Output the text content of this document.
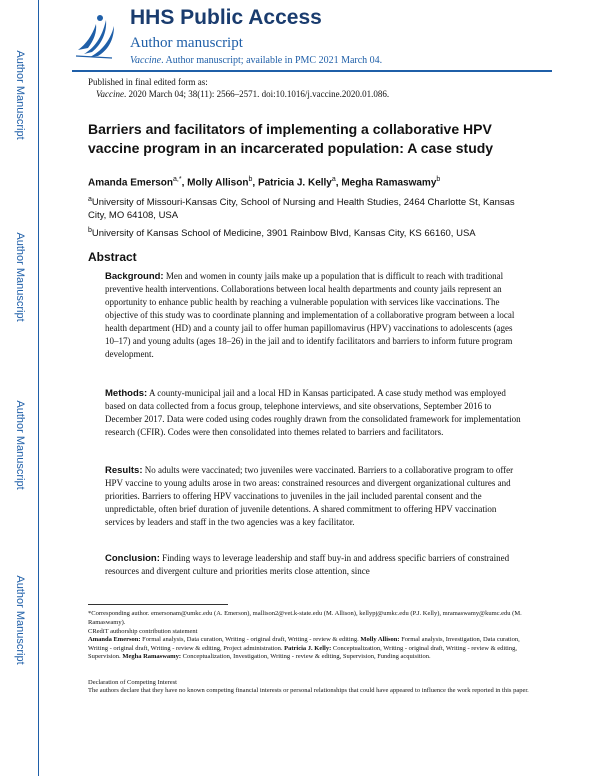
Author Manuscript
Author Manuscript
Author Manuscript
Author Manuscript
HHS Public Access
Author manuscript
Vaccine. Author manuscript; available in PMC 2021 March 04.
Published in final edited form as:
Vaccine. 2020 March 04; 38(11): 2566–2571. doi:10.1016/j.vaccine.2020.01.086.
Barriers and facilitators of implementing a collaborative HPV vaccine program in an incarcerated population: A case study
Amanda Emerson$^{a,*}$, Molly Allison$^b$, Patricia J. Kelly$^a$, Megha Ramaswamy$^b$
$^a$University of Missouri-Kansas City, School of Nursing and Health Studies, 2464 Charlotte St, Kansas City, MO 64108, USA
$^b$University of Kansas School of Medicine, 3901 Rainbow Blvd, Kansas City, KS 66160, USA
Abstract
Background: Men and women in county jails make up a population that is difficult to reach with traditional preventive health interventions. Collaborations between local health departments and county jails represent an opportunity to enhance public health by reaching a vulnerable population with services like vaccinations. The objective of this study was to coordinate planning and implementation of a collaborative program between a local health department (HD) and a county jail to offer human papillomavirus (HPV) vaccinations to adolescents (ages 10–17) and young adults (ages 18–26) in the jail and to identify facilitators and barriers to inform future program development.
Methods: A county-municipal jail and a local HD in Kansas participated. A case study method was employed based on data collected from a focus group, telephone interviews, and site observations, September 2016 to December 2017. Data were coded using codes roughly drawn from the consolidated framework for implementation research (CFIR). Codes were then consolidated into themes related to barriers and facilitators.
Results: No adults were vaccinated; two juveniles were vaccinated. Barriers to a collaborative program to offer HPV vaccine to young adults arose in two areas: constrained resources and divergent organizational cultures and priorities. Barriers to offering HPV vaccinations to juveniles in the jail included parental consent and the unpredictable, often brief duration of juvenile detentions. A shared commitment to offering HPV vaccination services by leaders and staff in the two agencies was a key facilitator.
Conclusion: Finding ways to leverage leadership and staff buy-in and address specific barriers of constrained resources and divergent culture and priorities merits close attention, since
*Corresponding author. emersonam@umkc.edu (A. Emerson), mallison2@vet.k-state.edu (M. Allison), kellypj@umkc.edu (P.J. Kelly), mramaswamy@kumc.edu (M. Ramaswamy).
CRediT authorship contribution statement
Amanda Emerson: Formal analysis, Data curation, Writing - original draft, Writing - review & editing. Molly Allison: Formal analysis, Investigation, Data curation, Writing - original draft, Writing - review & editing, Project administration. Patricia J. Kelly: Conceptualization, Writing - original draft, Writing - review & editing, Supervision. Megha Ramaswamy: Conceptualization, Investigation, Writing - review & editing, Supervision, Funding acquisition.
Declaration of Competing Interest
The authors declare that they have no known competing financial interests or personal relationships that could have appeared to influence the work reported in this paper.
